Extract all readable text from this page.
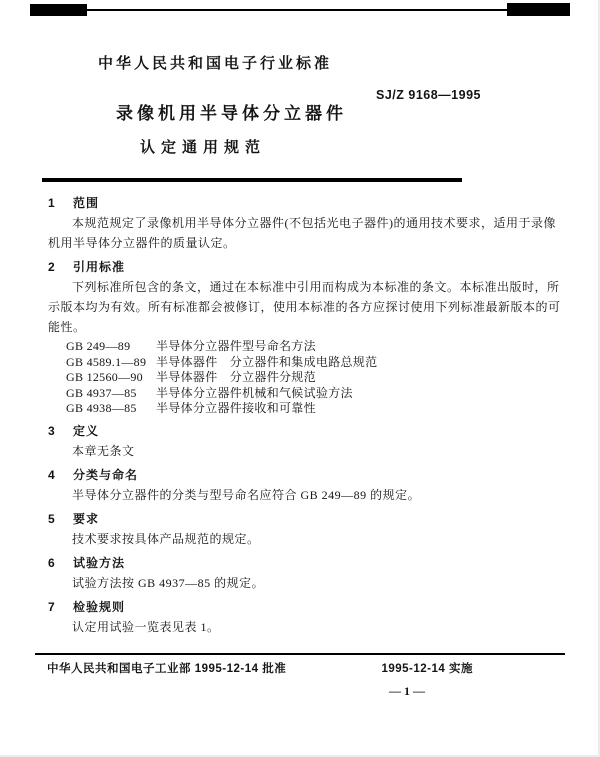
中华人民共和国电子行业标准
SJ/Z 9168—1995
录像机用半导体分立器件
认定通用规范
1 范围

本规范规定了录像机用半导体分立器件(不包括光电子器件)的通用技术要求，适用于录像机用半导体分立器件的质量认定。

2 引用标准

下列标准所包含的条文，通过在本标准中引用而构成为本标准的条文。本标准出版时，所示版本均为有效。所有标准都会被修订，使用本标准的各方应探讨使用下列标准最新版本的可能性。

GB 249—89	半导体分立器件型号命名方法
GB 4589.1—89 半导体器件　分立器件和集成电路总规范
GB 12560—90	半导体器件　分立器件分规范
GB 4937—85	半导体分立器件机械和气候试验方法
GB 4938—85	半导体分立器件接收和可靠性
3 定义

本章无条文

4 分类与命名

半导体分立器件的分类与型号命名应符合 GB 249—89 的规定。

5 要求

技术要求按具体产品规范的规定。

6 试验方法

试验方法按 GB 4937—85 的规定。

7 检验规则

认定用试验一览表见表 1。

中华人民共和国电子工业部 1995-12-14 批准	1995-12-14 实施
— 1 —
